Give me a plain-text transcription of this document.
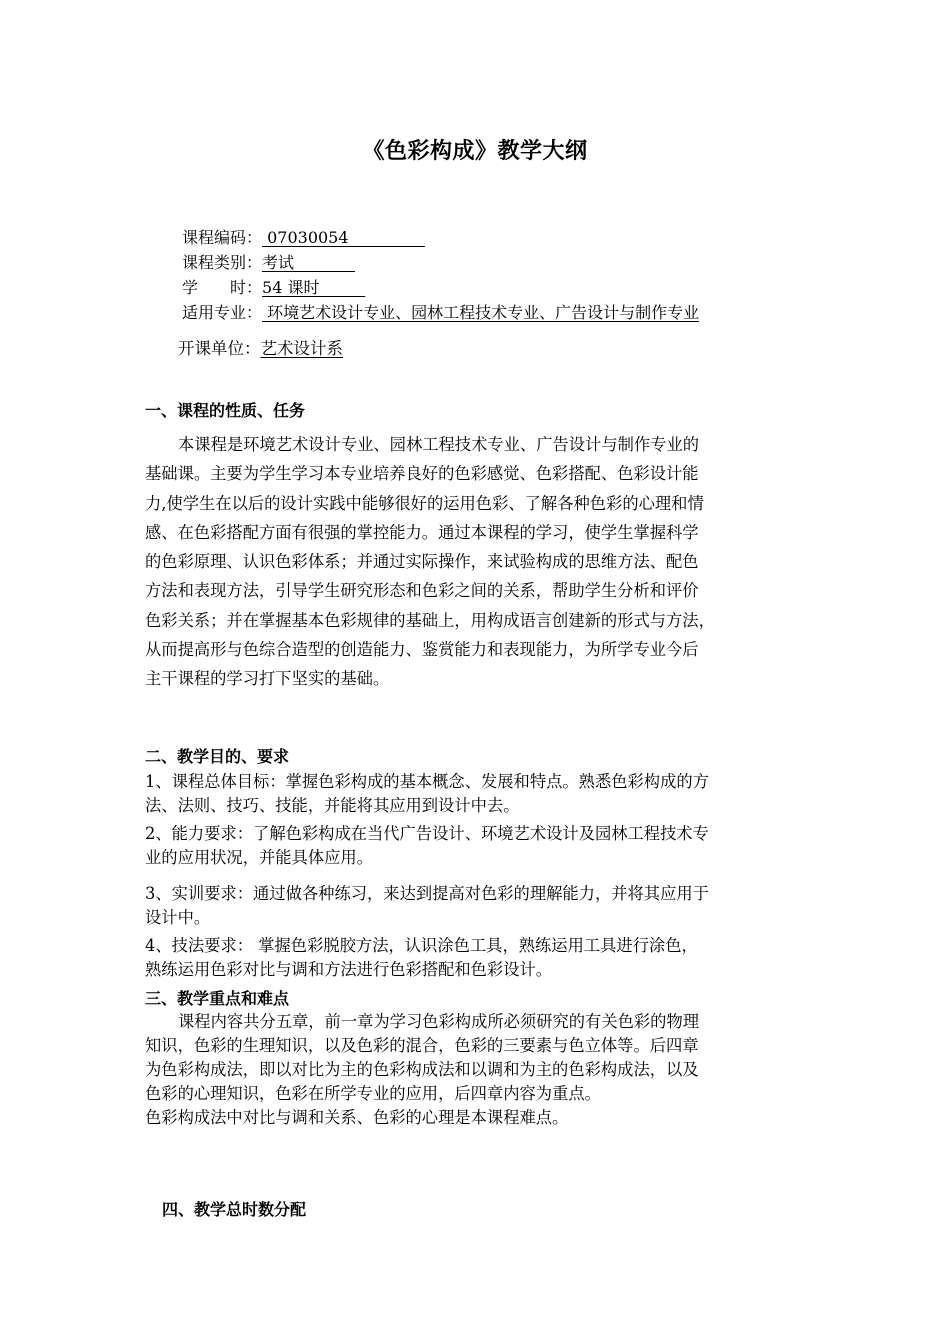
《色彩构成》教学大纲
课程编码： 07030054
课程类别：考试
学　　时：54 课时
适用专业： 环境艺术设计专业、园林工程技术专业、广告设计与制作专业
开课单位：艺术设计系
一、课程的性质、任务
本课程是环境艺术设计专业、园林工程技术专业、广告设计与制作专业的
基础课。主要为学生学习本专业培养良好的色彩感觉、色彩搭配、色彩设计能
力,使学生在以后的设计实践中能够很好的运用色彩、了解各种色彩的心理和情
感、在色彩搭配方面有很强的掌控能力。通过本课程的学习，使学生掌握科学
的色彩原理、认识色彩体系；并通过实际操作，来试验构成的思维方法、配色
方法和表现方法，引导学生研究形态和色彩之间的关系，帮助学生分析和评价
色彩关系；并在掌握基本色彩规律的基础上，用构成语言创建新的形式与方法，
从而提高形与色综合造型的创造能力、鉴赏能力和表现能力，为所学专业今后
主干课程的学习打下坚实的基础。
二、教学目的、要求
1、课程总体目标：掌握色彩构成的基本概念、发展和特点。熟悉色彩构成的方
法、法则、技巧、技能，并能将其应用到设计中去。
2、能力要求：了解色彩构成在当代广告设计、环境艺术设计及园林工程技术专
业的应用状况，并能具体应用。
3、实训要求：通过做各种练习，来达到提高对色彩的理解能力，并将其应用于
设计中。
4、技法要求： 掌握色彩脱胶方法，认识涂色工具，熟练运用工具进行涂色，
熟练运用色彩对比与调和方法进行色彩搭配和色彩设计。
三、教学重点和难点
课程内容共分五章，前一章为学习色彩构成所必须研究的有关色彩的物理
知识，色彩的生理知识，以及色彩的混合，色彩的三要素与色立体等。后四章
为色彩构成法，即以对比为主的色彩构成法和以调和为主的色彩构成法，以及
色彩的心理知识，色彩在所学专业的应用，后四章内容为重点。
色彩构成法中对比与调和关系、色彩的心理是本课程难点。
四、教学总时数分配
